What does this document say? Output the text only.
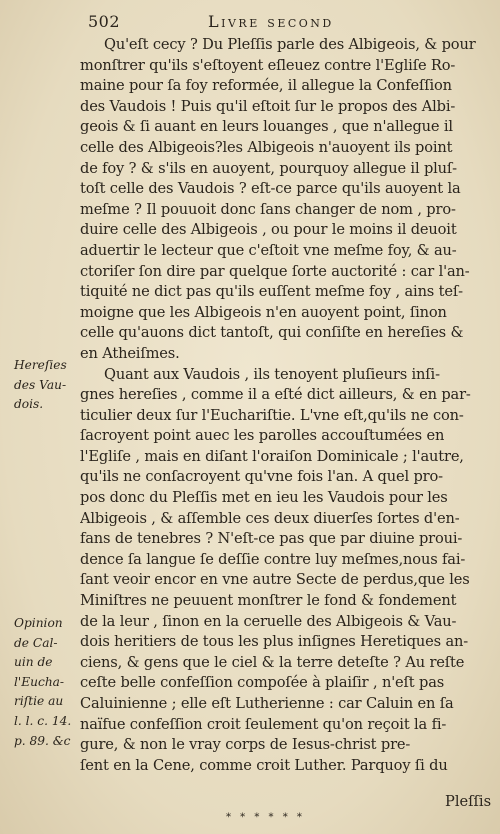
502	Livre second
Qu'eſt cecy ? Du Pleſſis parle des Albigeois, & pour
monſtrer qu'ils s'eſtoyent eſleuez contre l'Egliſe Ro-
maine pour ſa foy reformée, il allegue la Confeſſion
des Vaudois ! Puis qu'il eſtoit ſur le propos des Albi-
geois & ſi auant en leurs louanges , que n'allegue il
celle des Albigeois?les Albigeois n'auoyent ils point
de foy ? & s'ils en auoyent, pourquoy allegue il pluſ-
toſt celle des Vaudois ? eſt-ce parce qu'ils auoyent la
meſme ? Il pouuoit donc ſans changer de nom , pro-
duire celle des Albigeois , ou pour le moins il deuoit
aduertir le lecteur que c'eſtoit vne meſme foy, & au-
ctoriſer ſon dire par quelque ſorte auctorité : car l'an-
tiquité ne dict pas qu'ils euſſent meſme foy , ains teſ-
moigne que les Albigeois n'en auoyent point, ſinon
celle qu'auons dict tantoſt, qui conſiſte en hereſies &
en Atheiſmes.
Quant aux Vaudois , ils tenoyent pluſieurs inſi-
gnes hereſies , comme il a eſté dict ailleurs, & en par-
ticulier deux ſur l'Euchariſtie. L'vne eſt,qu'ils ne con-
ſacroyent point auec les parolles accouſtumées en
l'Egliſe , mais en diſant l'oraiſon Dominicale ; l'autre,
qu'ils ne conſacroyent qu'vne fois l'an. A quel pro-
pos donc du Pleſſis met en ieu les Vaudois pour les
Albigeois , & aſſemble ces deux diuerſes ſortes d'en-
fans de tenebres ? N'eſt-ce pas que par diuine proui-
dence ſa langue ſe deſſie contre luy meſmes,nous fai-
ſant veoir encor en vne autre Secte de perdus,que les
Miniſtres ne peuuent monſtrer le fond & fondement
de la leur , ſinon en la ceruelle des Albigeois & Vau-
dois heritiers de tous les plus inſignes Heretiques an-
ciens, & gens que le ciel & la terre deteſte ? Au reſte
ceſte belle confeſſion compoſée à plaiſir , n'eſt pas
Caluinienne ; elle eſt Lutherienne : car Caluin en ſa
naïfue confeſſion croit ſeulement qu'on reçoit la fi-
gure, & non le vray corps de Iesus-christ pre-
ſent en la Cene, comme croit Luther. Parquoy ſi du
Hereſies
des Vau-
dois.
Opinion
de Cal-
uin de
l'Eucha-
riſtie au
l. l. c. 14.
p. 89. &c
Pleſſis
* * * * * *
